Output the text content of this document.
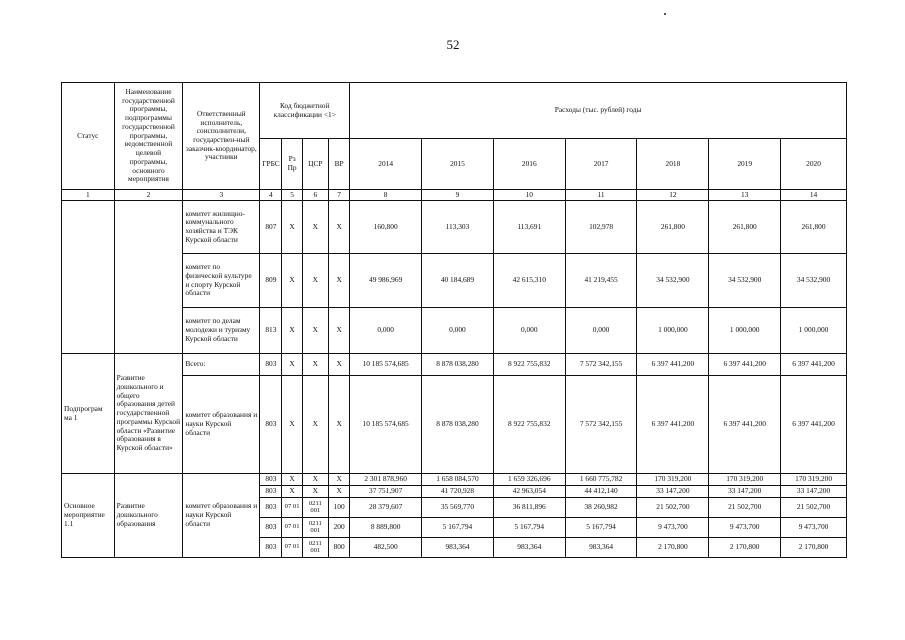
52
Статус	Наименование государственной программы, подпрограммы государственной программы, ведомственной целевой программы, основного мероприятия	Ответственный исполнитель, соисполнители, государствен-ный заказчик-координатор, участники	Код бюджетной классификации <1>				Расходы (тыс. рублей) годы						
			ГРБС	Рз Пр	ЦСР	ВР	2014	2015	2016	2017	2018	2019	2020
1	2	3	4	5	6	7	8	9	10	11	12	13	14
		комитет жилищно-коммунального хозяйства и ТЭК Курской области	807	Х	Х	Х	160,800	113,303	113,691	102,978	261,800	261,800	261,800
		комитет по физической культуре и спорту Курской области	809	Х	Х	Х	49 986,969	40 184,689	42 615,310	41 219,455	34 532,900	34 532,900	34 532,900
		комитет по делам молодежи и туризму Курской области	813	Х	Х	Х	0,000	0,000	0,000	0,000	1 000,000	1 000,000	1 000,000
Подпрограм ма 1	Развитие дошкольного и общего образования детей государственной программы Курской области «Развитие образования в Курской области»	Всего:	803	Х	Х	Х	10 185 574,685	8 878 038,280	8 922 755,832	7 572 342,155	6 397 441,200	6 397 441,200	6 397 441,200
		комитет образования и науки Курской области	803	Х	Х	Х	10 185 574,685	8 878 038,280	8 922 755,832	7 572 342,155	6 397 441,200	6 397 441,200	6 397 441,200
Основное мероприятие 1.1	Развитие дошкольного образования	комитет образования и науки Курской области	803	Х	Х	Х	2 301 878,960	1 658 084,570	1 659 326,696	1 660 775,782	170 319,200	170 319,200	170 319,200
			803	Х	Х	Х	37 751,907	41 720,928	42 963,054	44 412,140	33 147,200	33 147,200	33 147,200
			803	07 01	0211 001	100	28 379,607	35 569,770	36 811,896	38 260,982	21 502,700	21 502,700	21 502,700
			803	07 01	0211 001	200	8 889,800	5 167,794	5 167,794	5 167,794	9 473,700	9 473,700	9 473,700
			803	07 01	0211 001	800	482,500	983,364	983,364	983,364	2 170,800	2 170,800	2 170,800
